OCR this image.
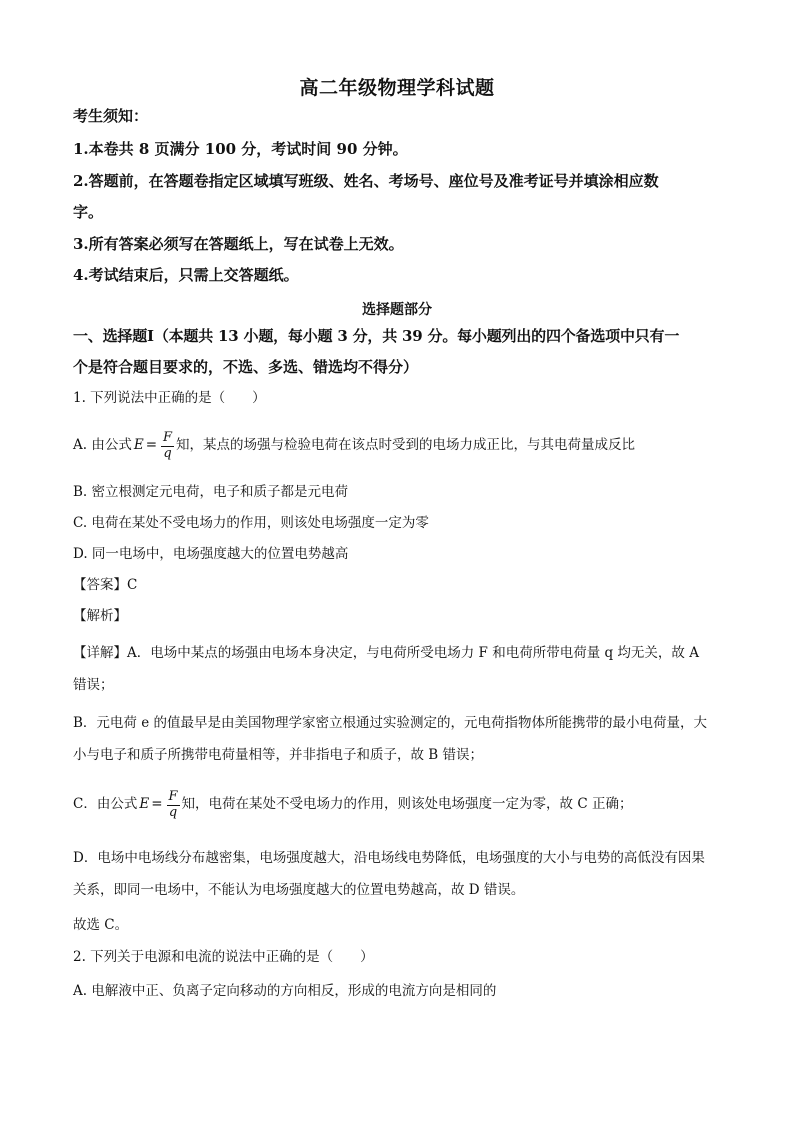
高二年级物理学科试题
考生须知：
1.本卷共 8 页满分 100 分，考试时间 90 分钟。
2.答题前，在答题卷指定区域填写班级、姓名、考场号、座位号及准考证号并填涂相应数
字。
3.所有答案必须写在答题纸上，写在试卷上无效。
4.考试结束后，只需上交答题纸。
选择题部分
一、选择题Ⅰ（本题共 13 小题，每小题 3 分，共 39 分。每小题列出的四个备选项中只有一
个是符合题目要求的，不选、多选、错选均不得分）
1. 下列说法中正确的是（　　）
A. 由公式 $E = \frac{F}{q}$ 知，某点的场强与检验电荷在该点时受到的电场力成正比，与其电荷量成反比
B. 密立根测定元电荷，电子和质子都是元电荷
C. 电荷在某处不受电场力的作用，则该处电场强度一定为零
D. 同一电场中，电场强度越大的位置电势越高
【答案】C
【解析】
【详解】A．电场中某点的场强由电场本身决定，与电荷所受电场力 F 和电荷所带电荷量 q 均无关，故 A
错误；
B．元电荷 e 的值最早是由美国物理学家密立根通过实验测定的，元电荷指物体所能携带的最小电荷量，大
小与电子和质子所携带电荷量相等，并非指电子和质子，故 B 错误；
C．由公式 $E = \frac{F}{q}$ 知，电荷在某处不受电场力的作用，则该处电场强度一定为零，故 C 正确；
D．电场中电场线分布越密集，电场强度越大，沿电场线电势降低，电场强度的大小与电势的高低没有因果
关系，即同一电场中，不能认为电场强度越大的位置电势越高，故 D 错误。
故选 C。
2. 下列关于电源和电流的说法中正确的是（　　）
A. 电解液中正、负离子定向移动的方向相反，形成的电流方向是相同的
